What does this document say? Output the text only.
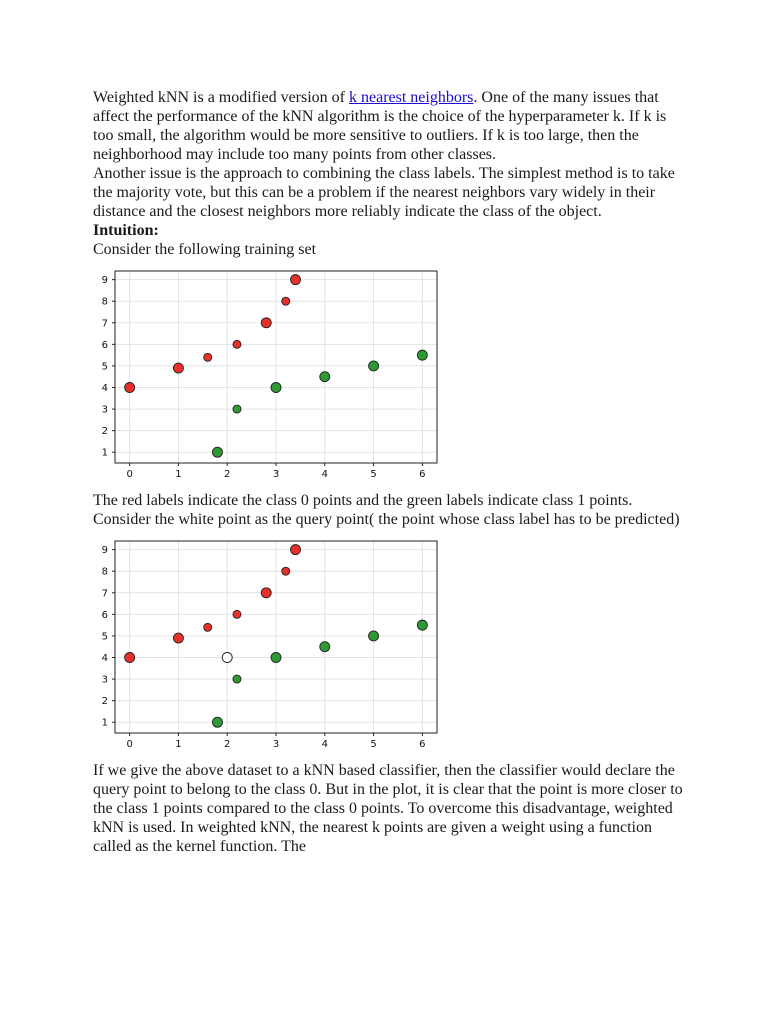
Weighted kNN is a modified version of k nearest neighbors. One of the many issues that affect the performance of the kNN algorithm is the choice of the hyperparameter k. If k is too small, the algorithm would be more sensitive to outliers. If k is too large, then the neighborhood may include too many points from other classes.

Another issue is the approach to combining the class labels. The simplest method is to take the majority vote, but this can be a problem if the nearest neighbors vary widely in their distance and the closest neighbors more reliably indicate the class of the object.

Intuition:

Consider the following training set

0	1	2	3	4	5	6
1
2
3
4
5
6
7
8
9

The red labels indicate the class 0 points and the green labels indicate class 1 points.

Consider the white point as the query point( the point whose class label has to be predicted)

0	1	2	3	4	5	6
1
2
3
4
5
6
7
8
9

If we give the above dataset to a kNN based classifier, then the classifier would declare the query point to belong to the class 0. But in the plot, it is clear that the point is more closer to the class 1 points compared to the class 0 points. To overcome this disadvantage, weighted kNN is used. In weighted kNN, the nearest k points are given a weight using a function called as the kernel function. The
